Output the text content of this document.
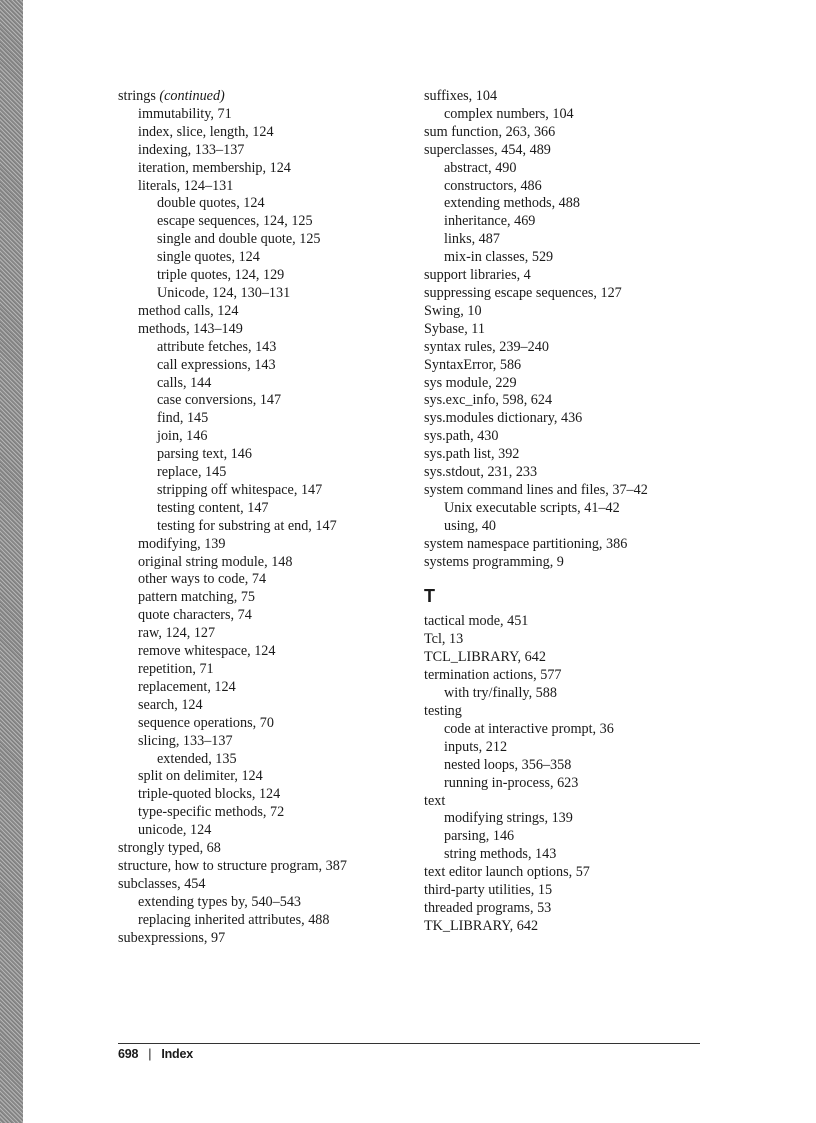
strings (continued)
immutability, 71
index, slice, length, 124
indexing, 133–137
iteration, membership, 124
literals, 124–131
double quotes, 124
escape sequences, 124, 125
single and double quote, 125
single quotes, 124
triple quotes, 124, 129
Unicode, 124, 130–131
method calls, 124
methods, 143–149
attribute fetches, 143
call expressions, 143
calls, 144
case conversions, 147
find, 145
join, 146
parsing text, 146
replace, 145
stripping off whitespace, 147
testing content, 147
testing for substring at end, 147
modifying, 139
original string module, 148
other ways to code, 74
pattern matching, 75
quote characters, 74
raw, 124, 127
remove whitespace, 124
repetition, 71
replacement, 124
search, 124
sequence operations, 70
slicing, 133–137
extended, 135
split on delimiter, 124
triple-quoted blocks, 124
type-specific methods, 72
unicode, 124
strongly typed, 68
structure, how to structure program, 387
subclasses, 454
extending types by, 540–543
replacing inherited attributes, 488
subexpressions, 97
suffixes, 104
complex numbers, 104
sum function, 263, 366
superclasses, 454, 489
abstract, 490
constructors, 486
extending methods, 488
inheritance, 469
links, 487
mix-in classes, 529
support libraries, 4
suppressing escape sequences, 127
Swing, 10
Sybase, 11
syntax rules, 239–240
SyntaxError, 586
sys module, 229
sys.exc_info, 598, 624
sys.modules dictionary, 436
sys.path, 430
sys.path list, 392
sys.stdout, 231, 233
system command lines and files, 37–42
Unix executable scripts, 41–42
using, 40
system namespace partitioning, 386
systems programming, 9
T
tactical mode, 451
Tcl, 13
TCL_LIBRARY, 642
termination actions, 577
with try/finally, 588
testing
code at interactive prompt, 36
inputs, 212
nested loops, 356–358
running in-process, 623
text
modifying strings, 139
parsing, 146
string methods, 143
text editor launch options, 57
third-party utilities, 15
threaded programs, 53
TK_LIBRARY, 642
698 | Index
